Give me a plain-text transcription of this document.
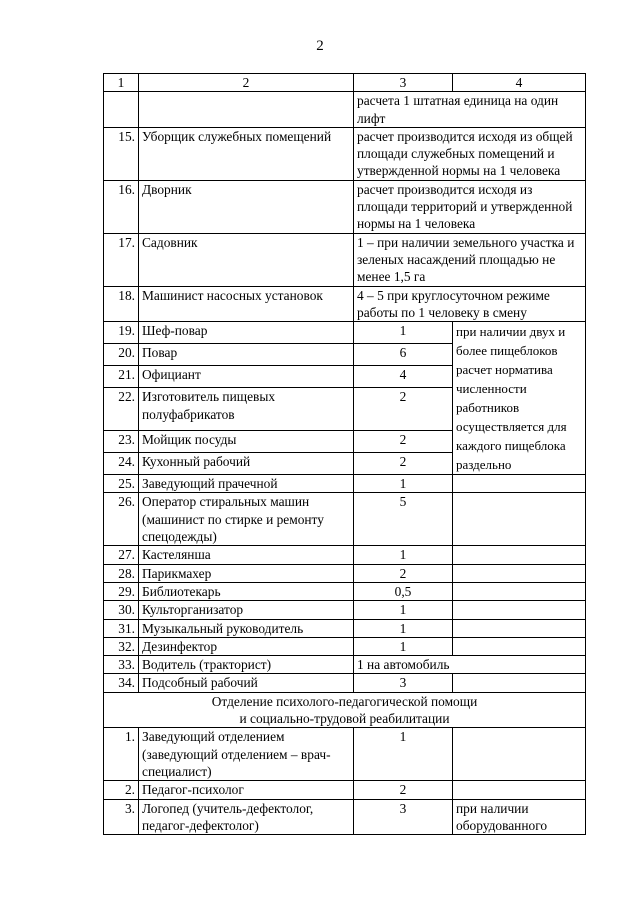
2
1	2	3	4
		расчета 1 штатная единица на один лифт	
15.	Уборщик служебных помещений	расчет производится исходя из общей площади служебных помещений и утвержденной нормы на 1 человека	
16.	Дворник	расчет производится исходя из площади территорий и утвержденной нормы на 1 человека	
17.	Садовник	1 – при наличии земельного участка и зеленых насаждений площадью не менее 1,5 га	
18.	Машинист насосных установок	4 – 5 при круглосуточном режиме работы по 1 человеку в смену	
19.	Шеф-повар	1	при наличии двух и более пищеблоков расчет норматива численности работников осуществляется для каждого пищеблока раздельно
20.	Повар	6	
21.	Официант	4	
22.	Изготовитель пищевых полуфабрикатов	2	
23.	Мойщик посуды	2	
24.	Кухонный рабочий	2	
25.	Заведующий прачечной	1	
26.	Оператор стиральных машин (машинист по стирке и ремонту спецодежды)	5	
27.	Кастелянша	1	
28.	Парикмахер	2	
29.	Библиотекарь	0,5	
30.	Культорганизатор	1	
31.	Музыкальный руководитель	1	
32.	Дезинфектор	1	
33.	Водитель (тракторист)	1 на автомобиль	
34.	Подсобный рабочий	3	

Отделение психолого-педагогической помощи
и социально-трудовой реабилитации			

1.	Заведующий отделением (заведующий отделением – врач-специалист)	1	
2.	Педагог-психолог	2	
3.	Логопед (учитель-дефектолог, педагог-дефектолог)	3	при наличии оборудованного
